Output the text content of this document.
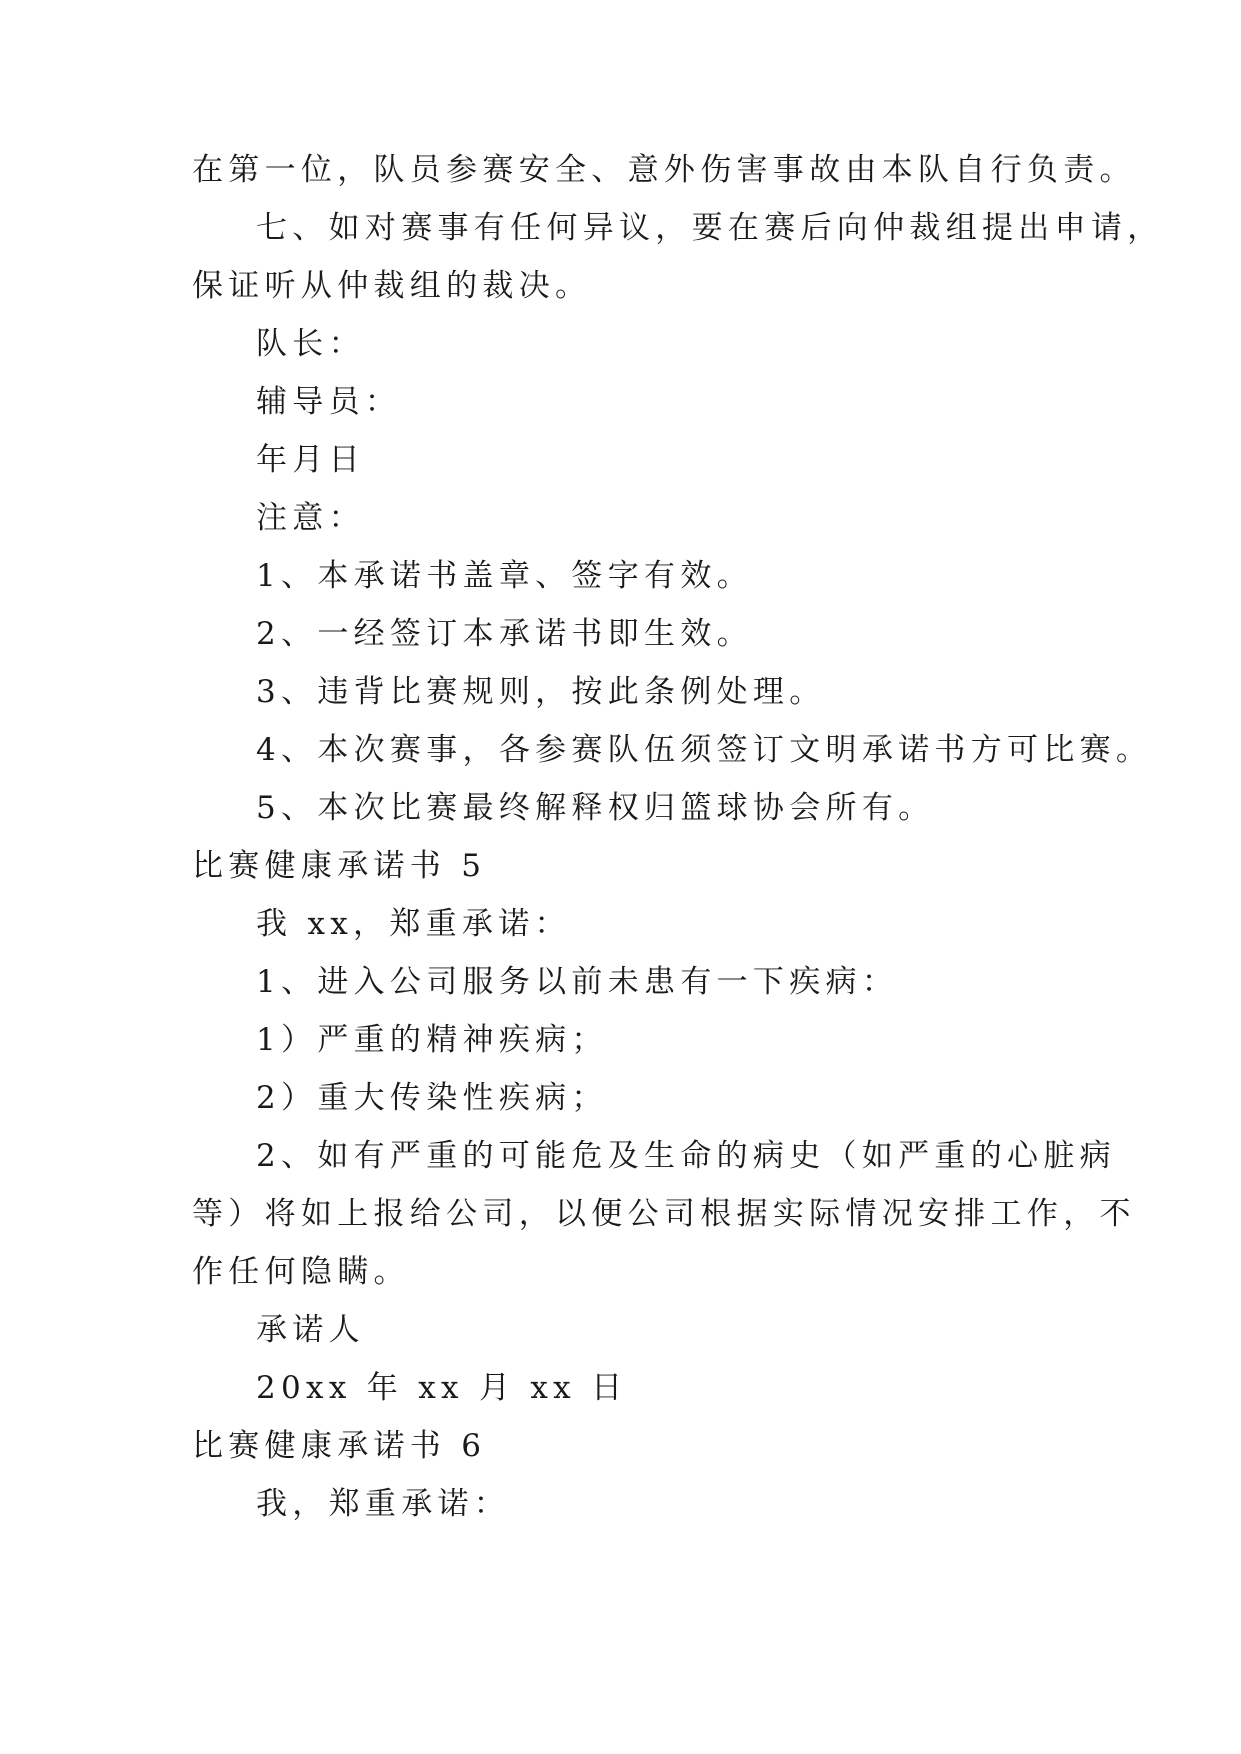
在第一位，队员参赛安全、意外伤害事故由本队自行负责。
七、如对赛事有任何异议，要在赛后向仲裁组提出申请，
保证听从仲裁组的裁决。
队长：
辅导员：
年月日
注意：
1、本承诺书盖章、签字有效。
2、一经签订本承诺书即生效。
3、违背比赛规则，按此条例处理。
4、本次赛事，各参赛队伍须签订文明承诺书方可比赛。
5、本次比赛最终解释权归篮球协会所有。
比赛健康承诺书 5
我 xx，郑重承诺：
1、进入公司服务以前未患有一下疾病：
1）严重的精神疾病；
2）重大传染性疾病；
2、如有严重的可能危及生命的病史（如严重的心脏病
等）将如上报给公司，以便公司根据实际情况安排工作，不
作任何隐瞒。
承诺人
20xx 年 xx 月 xx 日
比赛健康承诺书 6
我，郑重承诺：
